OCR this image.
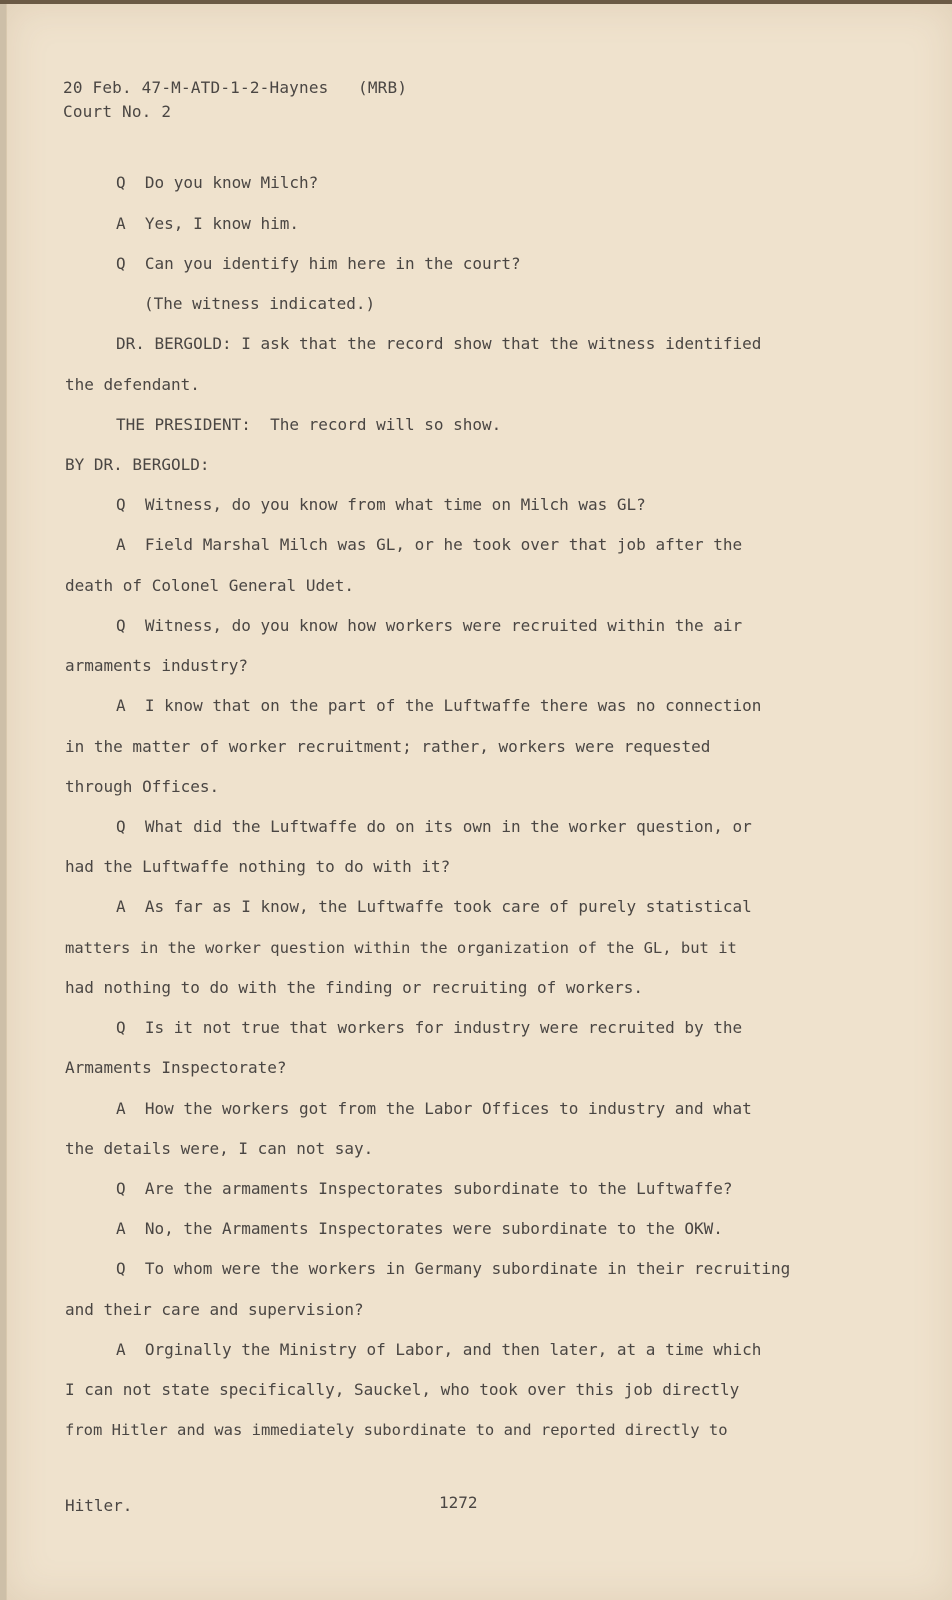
20 Feb. 47-M-ATD-1-2-Haynes   (MRB)
Court No. 2

Q  Do you know Milch?

A  Yes, I know him.

Q  Can you identify him here in the court?

(The witness indicated.)

DR. BERGOLD: I ask that the record show that the witness identified

the defendant.

THE PRESIDENT:  The record will so show.

BY DR. BERGOLD:

Q  Witness, do you know from what time on Milch was GL?

A  Field Marshal Milch was GL, or he took over that job after the

death of Colonel General Udet.

Q  Witness, do you know how workers were recruited within the air

armaments industry?

A  I know that on the part of the Luftwaffe there was no connection

in the matter of worker recruitment; rather, workers were requested

through Offices.

Q  What did the Luftwaffe do on its own in the worker question, or

had the Luftwaffe nothing to do with it?

A  As far as I know, the Luftwaffe took care of purely statistical

matters in the worker question within the organization of the GL, but it

had nothing to do with the finding or recruiting of workers.

Q  Is it not true that workers for industry were recruited by the

Armaments Inspectorate?

A  How the workers got from the Labor Offices to industry and what

the details were, I can not say.

Q  Are the armaments Inspectorates subordinate to the Luftwaffe?

A  No, the Armaments Inspectorates were subordinate to the OKW.

Q  To whom were the workers in Germany subordinate in their recruiting

and their care and supervision?

A  Orginally the Ministry of Labor, and then later, at a time which

I can not state specifically, Sauckel, who took over this job directly

from Hitler and was immediately subordinate to and reported directly to

Hitler.	1272
